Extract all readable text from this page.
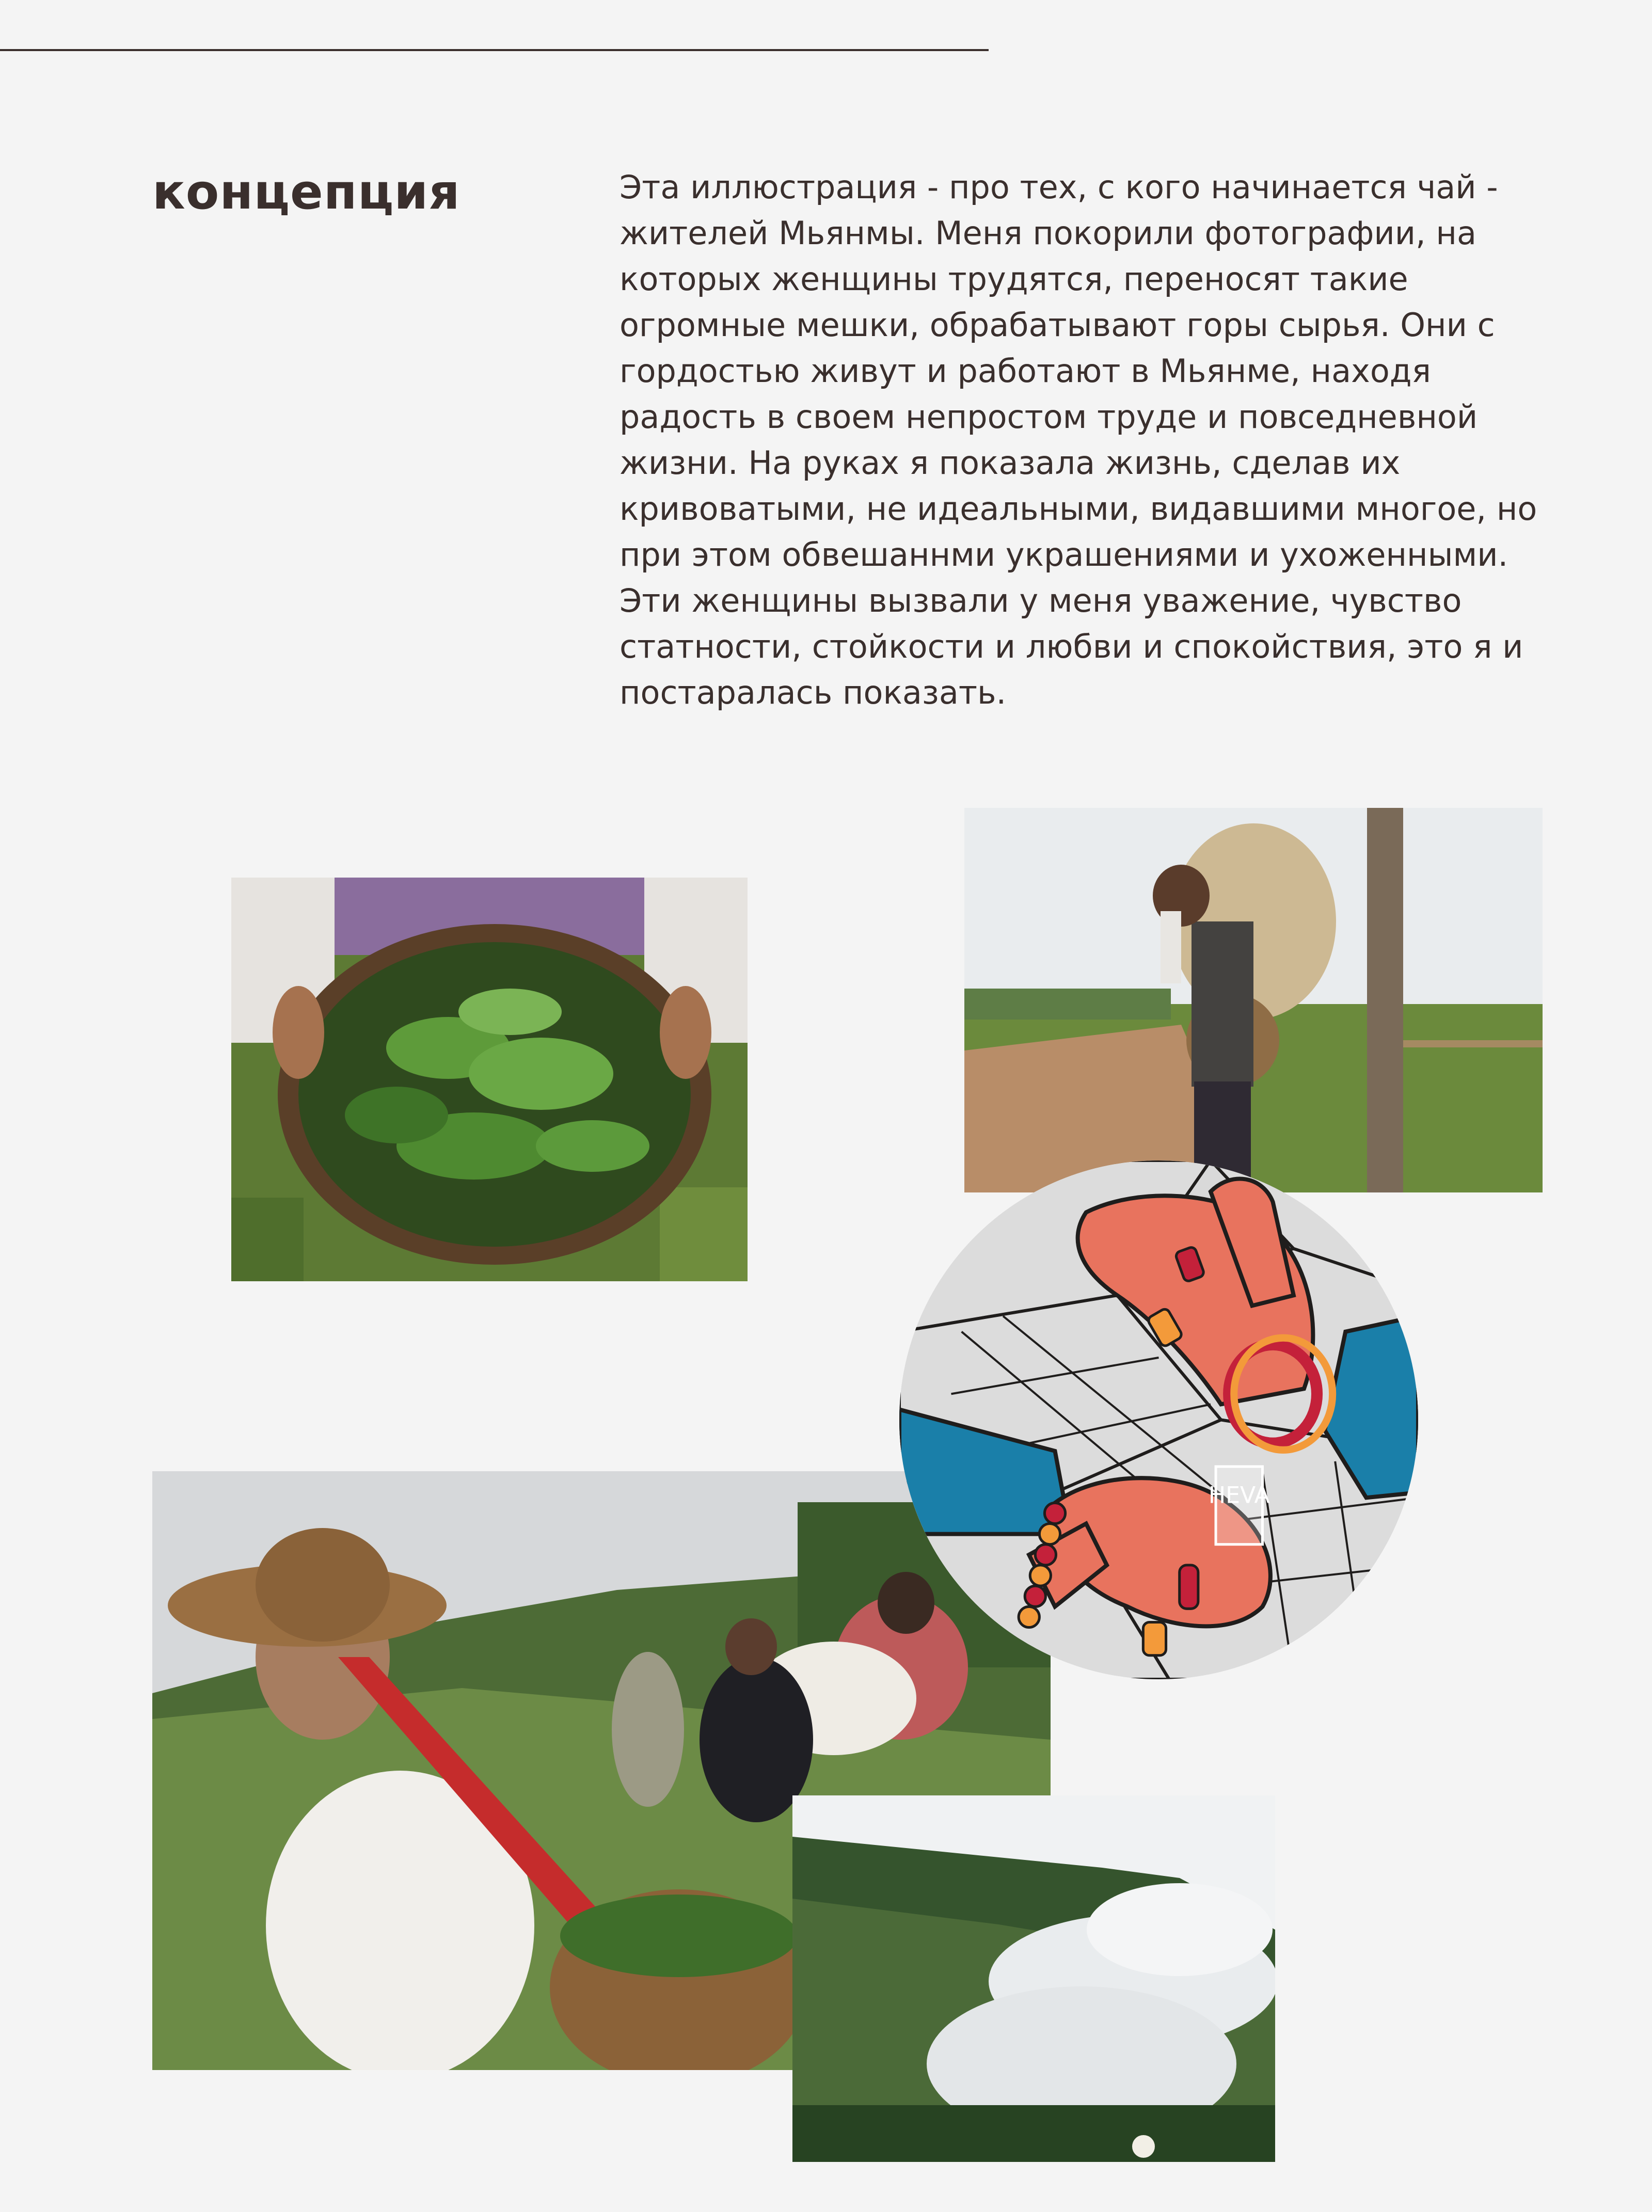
концепция	Эта иллюстрация - про тех, с кого начинается чай - жителей Мьянмы. Меня покорили фотографии, на которых женщины трудятся, переносят такие огромные мешки, обрабатывают горы сырья. Они с гордостью живут и работают в Мьянме, находя радость в своем непростом труде и повседневной жизни. На руках я показала жизнь, сделав их кривоватыми, не идеальными, видавшими многое, но при этом обвешаннми украшениями и ухоженными. Эти женщины вызвали у меня уважение, чувство статности, стойкости и любви и спокойствия, это я и постаралась показать.

HEVA
